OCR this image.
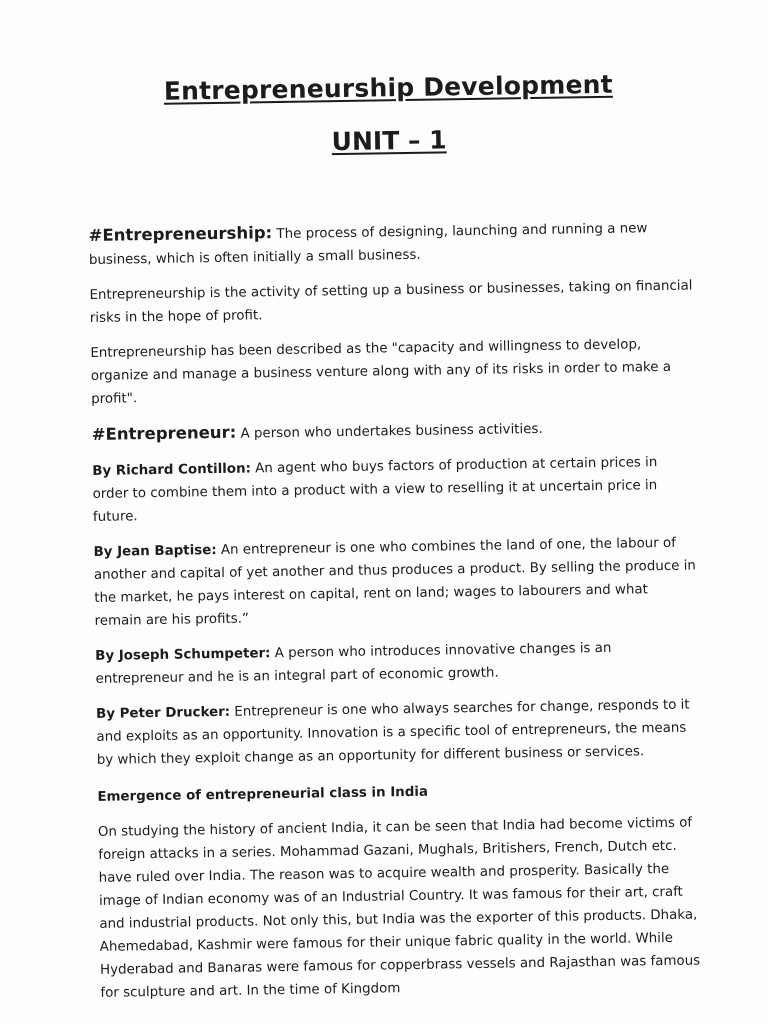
Entrepreneurship Development
UNIT – 1

#Entrepreneurship: The process of designing, launching and running a new business, which is often initially a small business.

Entrepreneurship is the activity of setting up a business or businesses, taking on financial risks in the hope of profit.

Entrepreneurship has been described as the "capacity and willingness to develop, organize and manage a business venture along with any of its risks in order to make a profit".

#Entrepreneur: A person who undertakes business activities.

By Richard Contillon: An agent who buys factors of production at certain prices in order to combine them into a product with a view to reselling it at uncertain price in future.

By Jean Baptise: An entrepreneur is one who combines the land of one, the labour of another and capital of yet another and thus produces a product. By selling the produce in the market, he pays interest on capital, rent on land; wages to labourers and what remain are his profits.”

By Joseph Schumpeter: A person who introduces innovative changes is an entrepreneur and he is an integral part of economic growth.

By Peter Drucker: Entrepreneur is one who always searches for change, responds to it and exploits as an opportunity. Innovation is a specific tool of entrepreneurs, the means by which they exploit change as an opportunity for different business or services.

Emergence of entrepreneurial class in India

On studying the history of ancient India, it can be seen that India had become victims of foreign attacks in a series. Mohammad Gazani, Mughals, Britishers, French, Dutch etc. have ruled over India. The reason was to acquire wealth and prosperity. Basically the image of Indian economy was of an Industrial Country. It was famous for their art, craft and industrial products. Not only this, but India was the exporter of this products. Dhaka, Ahemedabad, Kashmir were famous for their unique fabric quality in the world. While Hyderabad and Banaras were famous for copperbrass vessels and Rajasthan was famous for sculpture and art. In the time of Kingdom
